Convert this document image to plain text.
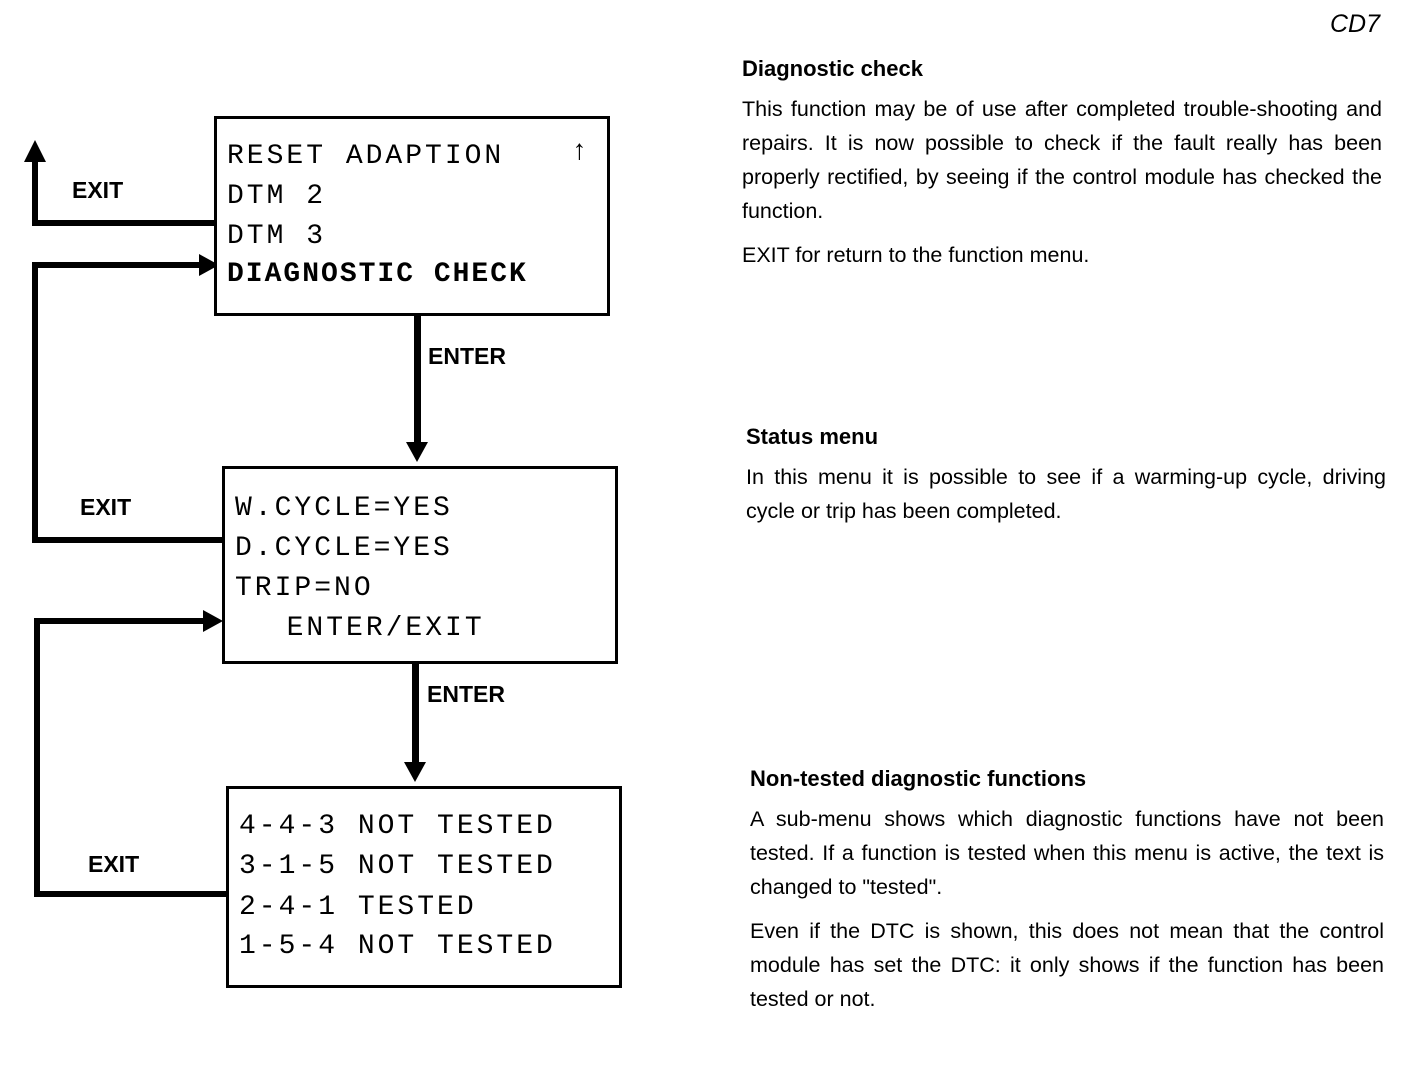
CD7
EXIT
EXIT
EXIT
ENTER
ENTER

RESET ADAPTION

↑

DTM 2

DTM 3

DIAGNOSTIC CHECK

W.CYCLE=YES

D.CYCLE=YES

TRIP=NO

ENTER/EXIT

4-4-3 NOT TESTED

3-1-5 NOT TESTED

2-4-1 TESTED

1-5-4 NOT TESTED

Diagnostic check

This function may be of use after completed trouble-shooting and repairs. It is now possible to check if the fault really has been properly rectified, by seeing if the control module has checked the function.

EXIT for return to the function menu.

Status menu

In this menu it is possible to see if a warming-up cycle, driving cycle or trip has been completed.

Non-tested diagnostic functions

A sub-menu shows which diagnostic functions have not been tested. If a function is tested when this menu is active, the text is changed to "tested".

Even if the DTC is shown, this does not mean that the control module has set the DTC: it only shows if the function has been tested or not.
